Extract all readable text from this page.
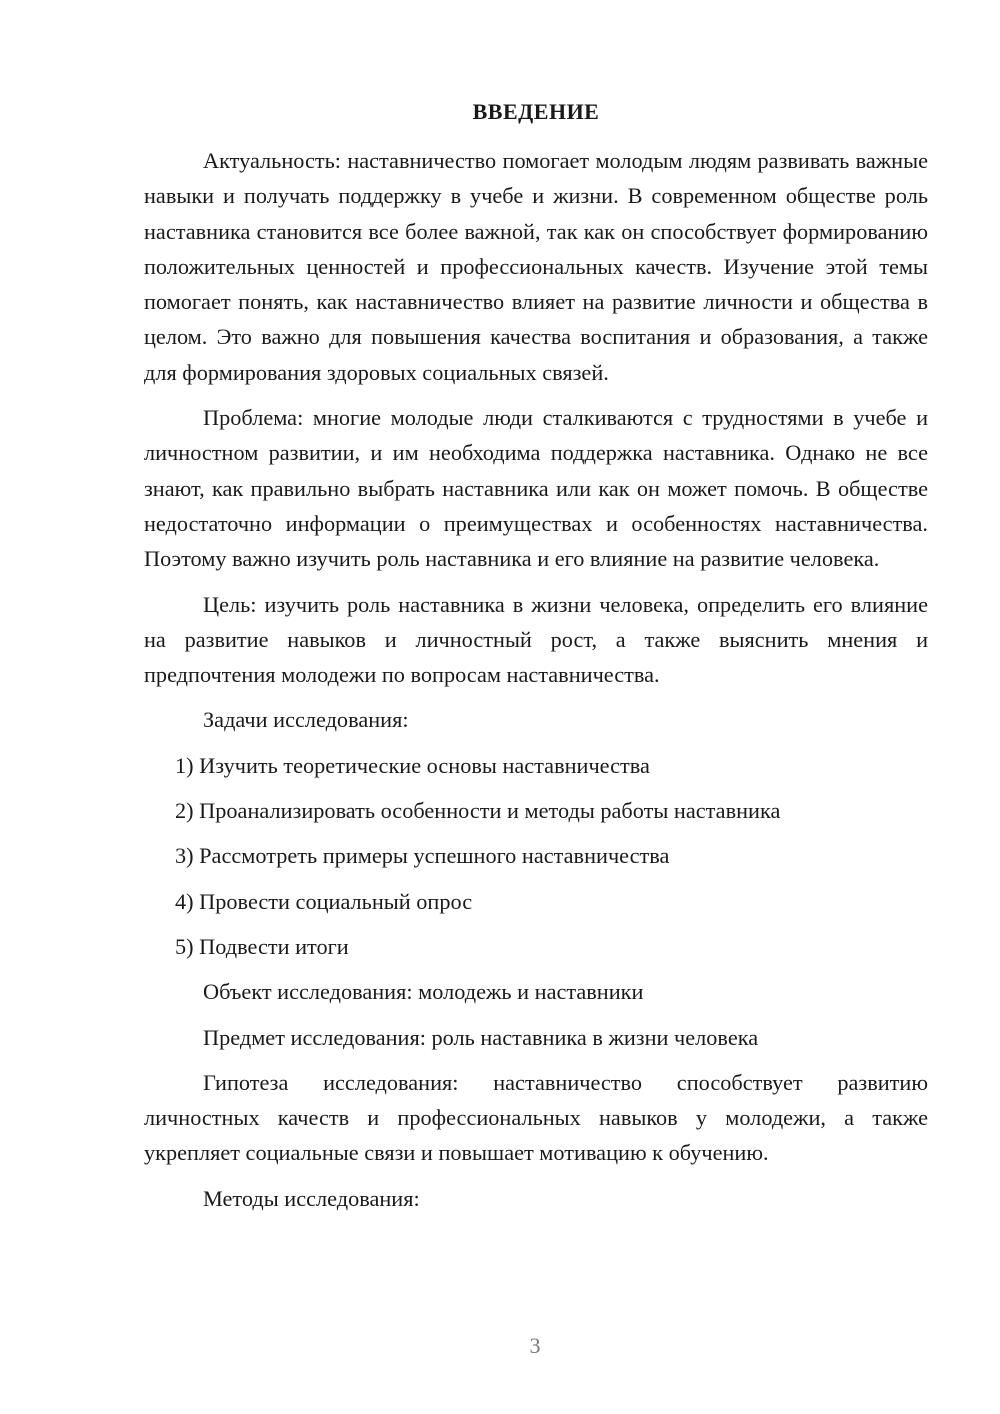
ВВЕДЕНИЕ

Актуальность: наставничество помогает молодым людям развивать важные навыки и получать поддержку в учебе и жизни. В современном обществе роль наставника становится все более важной, так как он способствует формированию положительных ценностей и профессиональных качеств. Изучение этой темы помогает понять, как наставничество влияет на развитие личности и общества в целом. Это важно для повышения качества воспитания и образования, а также для формирования здоровых социальных связей.

Проблема: многие молодые люди сталкиваются с трудностями в учебе и личностном развитии, и им необходима поддержка наставника. Однако не все знают, как правильно выбрать наставника или как он может помочь. В обществе недостаточно информации о преимуществах и особенностях наставничества. Поэтому важно изучить роль наставника и его влияние на развитие человека.

Цель: изучить роль наставника в жизни человека, определить его влияние на развитие навыков и личностный рост, а также выяснить мнения и предпочтения молодежи по вопросам наставничества.

Задачи исследования:

1) Изучить теоретические основы наставничества
2) Проанализировать особенности и методы работы наставника
3) Рассмотреть примеры успешного наставничества
4) Провести социальный опрос
5) Подвести итоги

Объект исследования: молодежь и наставники

Предмет исследования: роль наставника в жизни человека

Гипотеза исследования: наставничество способствует развитию личностных качеств и профессиональных навыков у молодежи, а также укрепляет социальные связи и повышает мотивацию к обучению.

Методы исследования:

3
